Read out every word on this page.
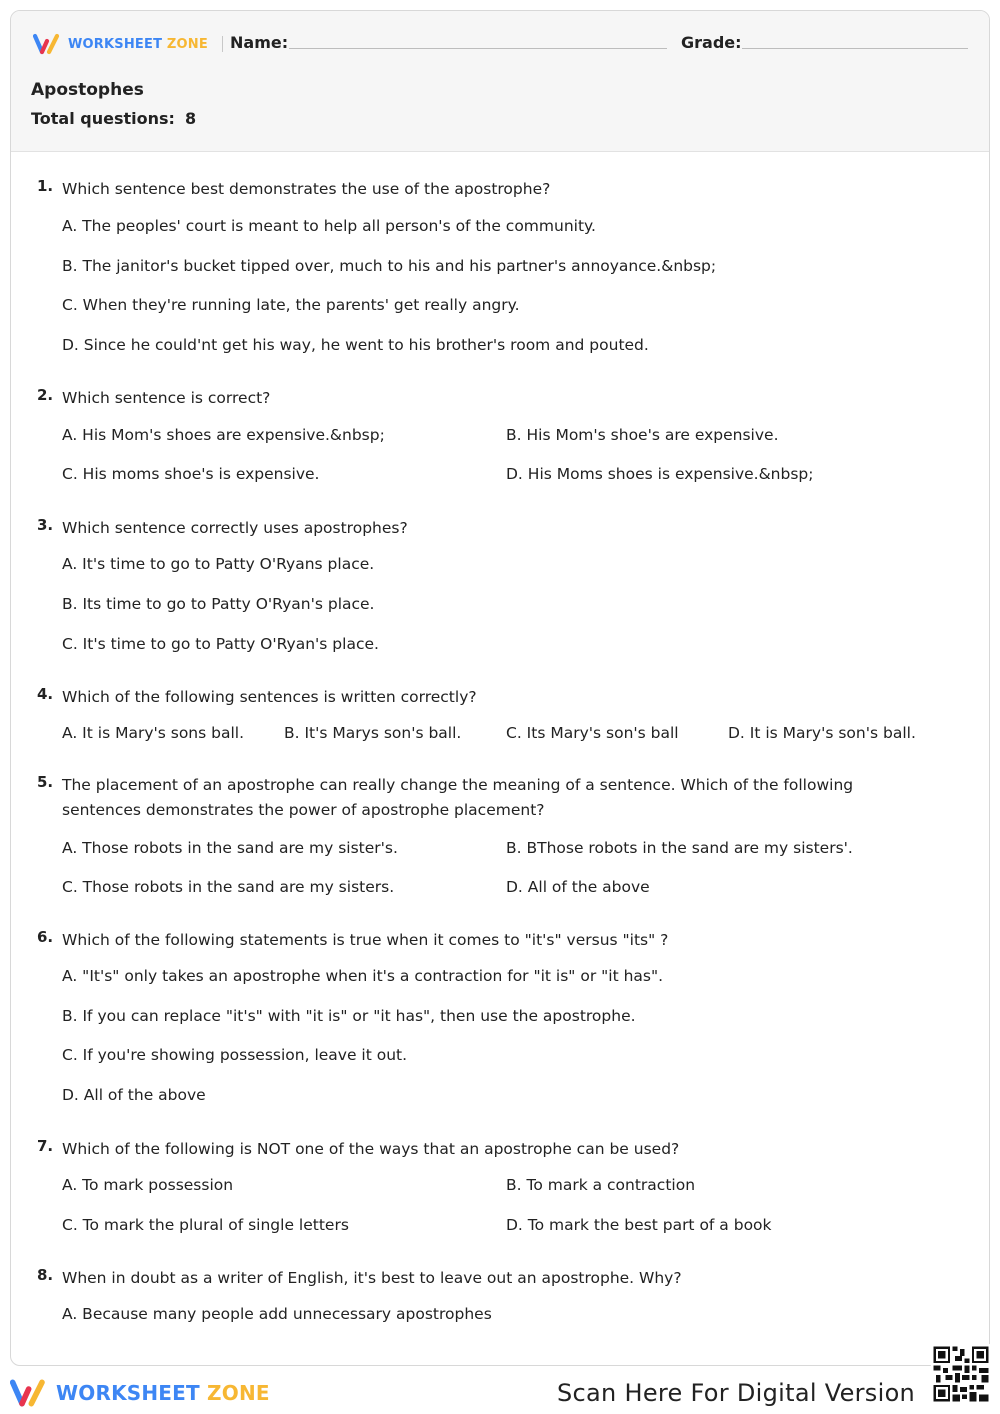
WORKSHEET ZONE Name:	Grade:
Apostophes
Total questions: 8
1. Which sentence best demonstrates the use of the apostrophe?
A. The peoples' court is meant to help all person's of the community.
B. The janitor's bucket tipped over, much to his and his partner's annoyance.&nbsp;
C. When they're running late, the parents' get really angry.
D. Since he could'nt get his way, he went to his brother's room and pouted.
2. Which sentence is correct?
A. His Mom's shoes are expensive.&nbsp;	B. His Mom's shoe's are expensive.
C. His moms shoe's is expensive.	D. His Moms shoes is expensive.&nbsp;
3. Which sentence correctly uses apostrophes?
A. It's time to go to Patty O'Ryans place.
B. Its time to go to Patty O'Ryan's place.
C. It's time to go to Patty O'Ryan's place.
4. Which of the following sentences is written correctly?
A. It is Mary's sons ball.	B. It's Marys son's ball.	C. Its Mary's son's ball	D. It is Mary's son's ball.
5. The placement of an apostrophe can really change the meaning of a sentence. Which of the following sentences demonstrates the power of apostrophe placement?
A. Those robots in the sand are my sister's.	B. BThose robots in the sand are my sisters'.
C. Those robots in the sand are my sisters.	D. All of the above
6. Which of the following statements is true when it comes to "it's" versus "its" ?
A. "It's" only takes an apostrophe when it's a contraction for "it is" or "it has".
B. If you can replace "it's" with "it is" or "it has", then use the apostrophe.
C. If you're showing possession, leave it out.
D. All of the above
7. Which of the following is NOT one of the ways that an apostrophe can be used?
A. To mark possession	B. To mark a contraction
C. To mark the plural of single letters	D. To mark the best part of a book
8. When in doubt as a writer of English, it's best to leave out an apostrophe. Why?
A. Because many people add unnecessary apostrophes
WORKSHEET ZONE	Scan Here For Digital Version
